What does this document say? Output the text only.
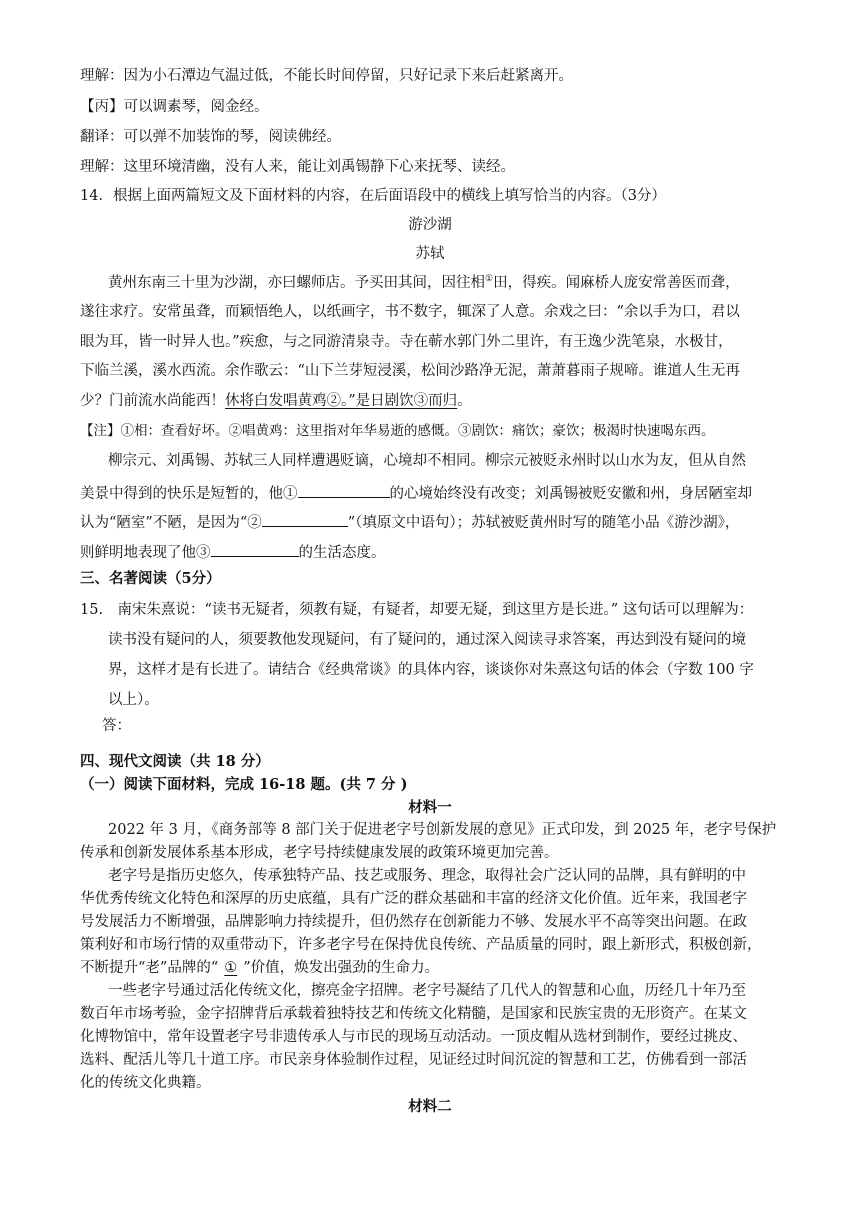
理解：因为小石潭边气温过低，不能长时间停留，只好记录下来后赶紧离开。
【丙】可以调素琴，阅金经。
翻译：可以弹不加装饰的琴，阅读佛经。
理解：这里环境清幽，没有人来，能让刘禹锡静下心来抚琴、读经。
14．根据上面两篇短文及下面材料的内容，在后面语段中的横线上填写恰当的内容。（3分）
游沙湖
苏轼
黄州东南三十里为沙湖，亦曰螺师店。予买田其间，因往相①田，得疾。闻麻桥人庞安常善医而聋，
遂往求疗。安常虽聋，而颖悟绝人，以纸画字，书不数字，辄深了人意。余戏之曰：“余以手为口，君以
眼为耳，皆一时异人也。”疾愈，与之同游清泉寺。寺在蕲水郭门外二里许，有王逸少洗笔泉，水极甘，
下临兰溪，溪水西流。余作歌云：“山下兰芽短浸溪，松间沙路净无泥，萧萧暮雨子规啼。谁道人生无再
少？门前流水尚能西！休将白发唱黄鸡②。”是日剧饮③而归。
【注】①相：查看好坏。②唱黄鸡：这里指对年华易逝的感慨。③剧饮：痛饮；豪饮；极渴时快速喝东西。
柳宗元、刘禹锡、苏轼三人同样遭遇贬谪，心境却不相同。柳宗元被贬永州时以山水为友，但从自然
美景中得到的快乐是短暂的，他①	的心境始终没有改变；刘禹锡被贬安徽和州，身居陋室却
认为“陋室”不陋，是因为“②	”（填原文中语句）；苏轼被贬黄州时写的随笔小品《游沙湖》，
则鲜明地表现了他③	的生活态度。
三、名著阅读（5分）
15.　南宋朱熹说：“读书无疑者，须教有疑，有疑者，却要无疑，到这里方是长进。” 这句话可以理解为：
读书没有疑问的人，须要教他发现疑问，有了疑问的，通过深入阅读寻求答案，再达到没有疑问的境
界，这样才是有长进了。请结合《经典常谈》的具体内容，谈谈你对朱熹这句话的体会（字数 100 字
以上）。
答：
四、现代文阅读（共 18 分）
（一）阅读下面材料，完成 16-18 题。(共 7 分 )
材料一
2022 年 3 月，《商务部等 8 部门关于促进老字号创新发展的意见》正式印发，到 2025 年，老字号保护
传承和创新发展体系基本形成，老字号持续健康发展的政策环境更加完善。
老字号是指历史悠久，传承独特产品、技艺或服务、理念，取得社会广泛认同的品牌，具有鲜明的中
华优秀传统文化特色和深厚的历史底蕴，具有广泛的群众基础和丰富的经济文化价值。近年来，我国老字
号发展活力不断增强，品牌影响力持续提升，但仍然存在创新能力不够、发展水平不高等突出问题。在政
策利好和市场行情的双重带动下，许多老字号在保持优良传统、产品质量的同时，跟上新形式，积极创新，
不断提升“老”品牌的“ ① ”价值，焕发出强劲的生命力。
一些老字号通过活化传统文化，擦亮金字招牌。老字号凝结了几代人的智慧和心血，历经几十年乃至
数百年市场考验，金字招牌背后承载着独特技艺和传统文化精髓，是国家和民族宝贵的无形资产。在某文
化博物馆中，常年设置老字号非遗传承人与市民的现场互动活动。一顶皮帽从选材到制作，要经过挑皮、
选料、配活儿等几十道工序。市民亲身体验制作过程，见证经过时间沉淀的智慧和工艺，仿佛看到一部活
化的传统文化典籍。
材料二
